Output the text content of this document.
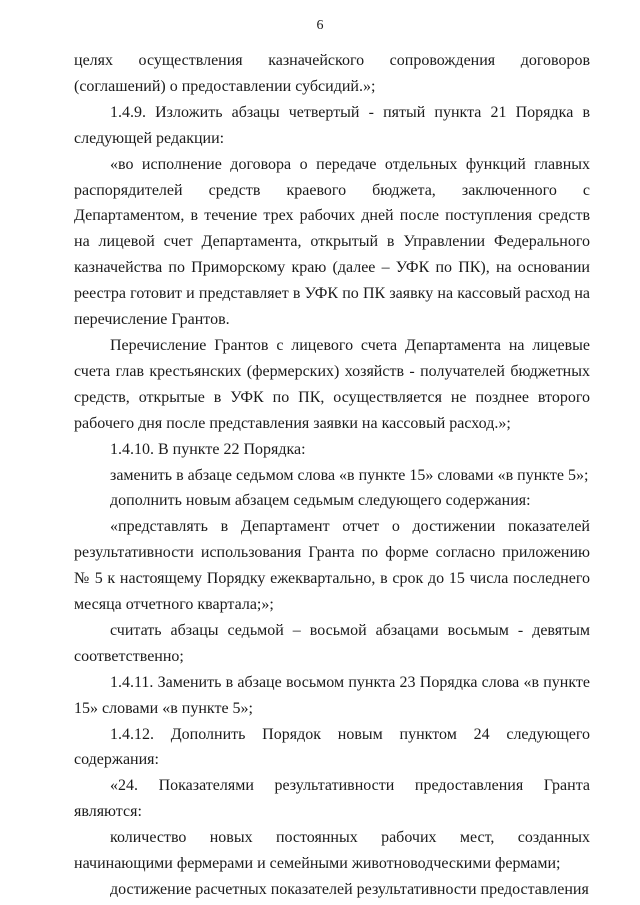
6

целях осуществления казначейского сопровождения договоров (соглашений) о предоставлении субсидий.»;

1.4.9. Изложить абзацы четвертый - пятый пункта 21 Порядка в следующей редакции:

«во исполнение договора о передаче отдельных функций главных распорядителей средств краевого бюджета, заключенного с Департаментом, в течение трех рабочих дней после поступления средств на лицевой счет Департамента, открытый в Управлении Федерального казначейства по Приморскому краю (далее – УФК по ПК), на основании реестра готовит и представляет в УФК по ПК заявку на кассовый расход на перечисление Грантов.

Перечисление Грантов с лицевого счета Департамента на лицевые счета глав крестьянских (фермерских) хозяйств - получателей бюджетных средств, открытые в УФК по ПК, осуществляется не позднее второго рабочего дня после представления заявки на кассовый расход.»;

1.4.10. В пункте 22 Порядка:

заменить в абзаце седьмом слова «в пункте 15» словами «в пункте 5»;

дополнить новым абзацем седьмым следующего содержания:

«представлять в Департамент отчет о достижении показателей результативности использования Гранта по форме согласно приложению № 5 к настоящему Порядку ежеквартально, в срок до 15 числа последнего месяца отчетного квартала;»;

считать абзацы седьмой – восьмой абзацами восьмым - девятым соответственно;

1.4.11. Заменить в абзаце восьмом пункта 23 Порядка слова «в пункте 15» словами «в пункте 5»;

1.4.12. Дополнить Порядок новым пунктом 24 следующего содержания:

«24. Показателями результативности предоставления Гранта являются:

количество новых постоянных рабочих мест, созданных начинающими фермерами и семейными животноводческими фермами;

достижение расчетных показателей результативности предоставления
